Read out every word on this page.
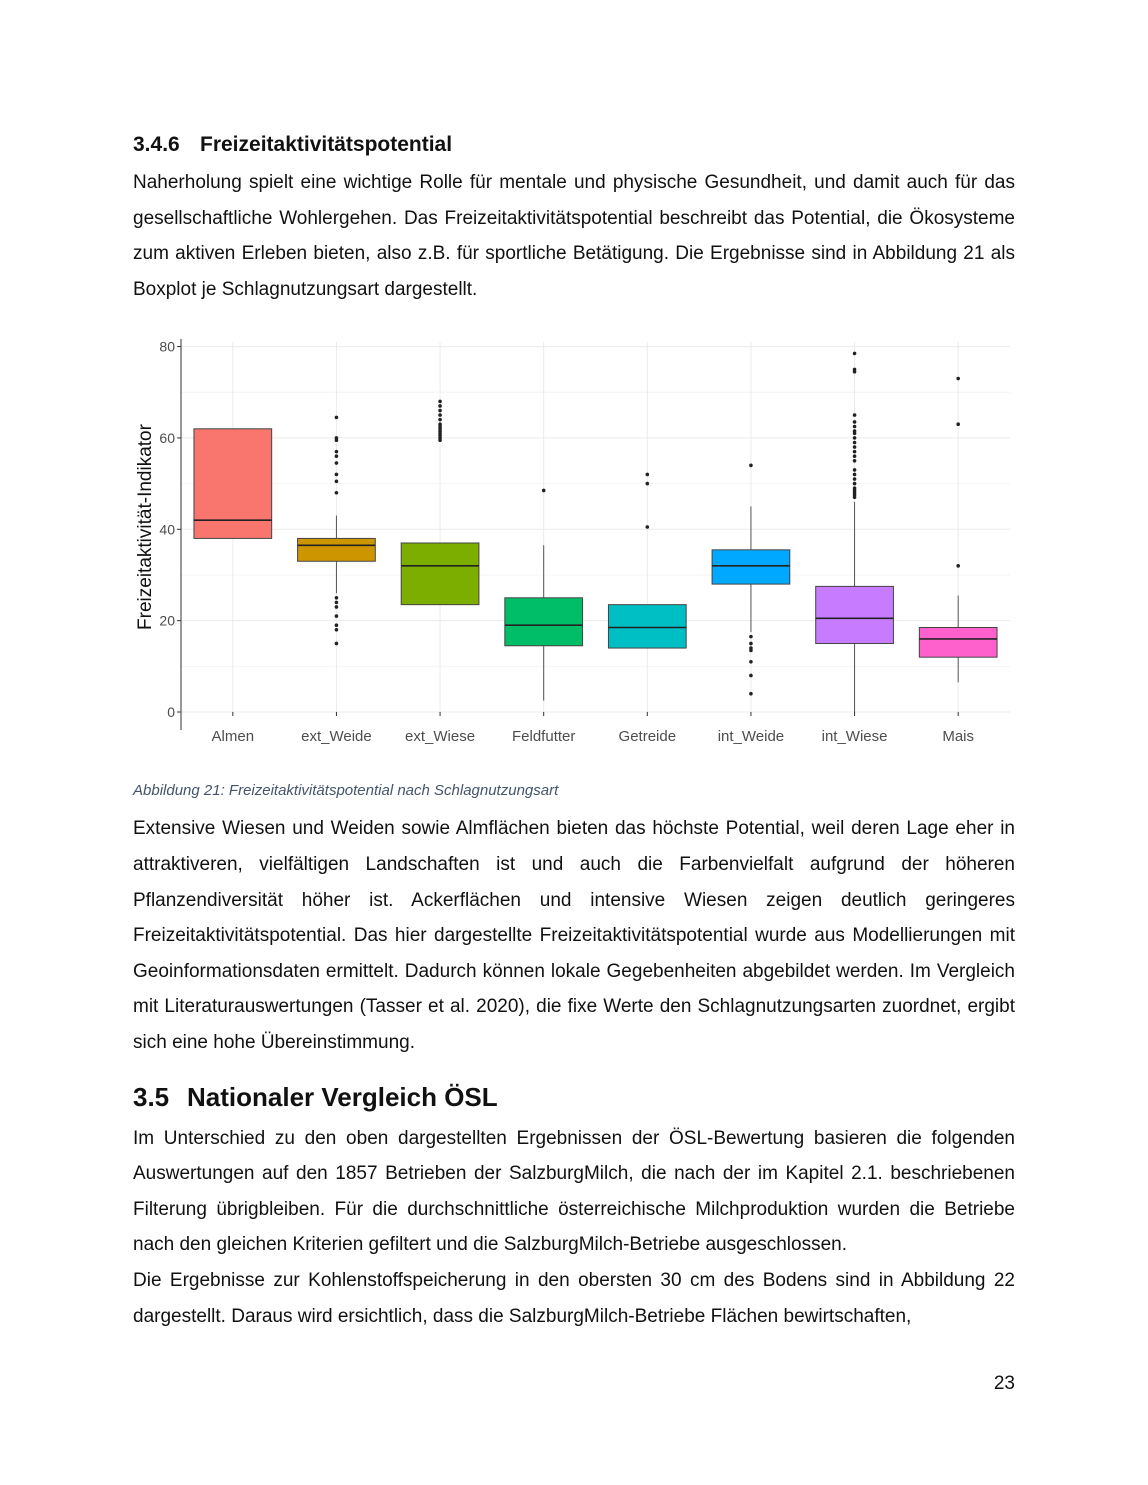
3.4.6 Freizeitaktivitätspotential

Naherholung spielt eine wichtige Rolle für mentale und physische Gesundheit, und damit auch für das gesellschaftliche Wohlergehen. Das Freizeitaktivitätspotential beschreibt das Potential, die Ökosysteme zum aktiven Erleben bieten, also z.B. für sportliche Betätigung. Die Ergebnisse sind in Abbildung 21 als Boxplot je Schlagnutzungsart dargestellt.

0
20
40
60
80
Freizeitaktivität-Indikator
Almen	ext_Weide ext_Wiese Feldfutter	Getreide	int_Weide int_Wiese	Mais
Abbildung 21: Freizeitaktivitätspotential nach Schlagnutzungsart

Extensive Wiesen und Weiden sowie Almflächen bieten das höchste Potential, weil deren Lage eher in attraktiveren, vielfältigen Landschaften ist und auch die Farbenvielfalt aufgrund der höheren Pflanzendiversität höher ist. Ackerflächen und intensive Wiesen zeigen deutlich geringeres Freizeitaktivitätspotential. Das hier dargestellte Freizeitaktivitätspotential wurde aus Modellierungen mit Geoinformationsdaten ermittelt. Dadurch können lokale Gegebenheiten abgebildet werden. Im Vergleich mit Literaturauswertungen (Tasser et al. 2020), die fixe Werte den Schlagnutzungsarten zuordnet, ergibt sich eine hohe Übereinstimmung.

3.5 Nationaler Vergleich ÖSL

Im Unterschied zu den oben dargestellten Ergebnissen der ÖSL-Bewertung basieren die folgenden Auswertungen auf den 1857 Betrieben der SalzburgMilch, die nach der im Kapitel 2.1. beschriebenen Filterung übrigbleiben. Für die durchschnittliche österreichische Milchproduktion wurden die Betriebe nach den gleichen Kriterien gefiltert und die SalzburgMilch-Betriebe ausgeschlossen.

Die Ergebnisse zur Kohlenstoffspeicherung in den obersten 30 cm des Bodens sind in Abbildung 22 dargestellt. Daraus wird ersichtlich, dass die SalzburgMilch-Betriebe Flächen bewirtschaften,

23
